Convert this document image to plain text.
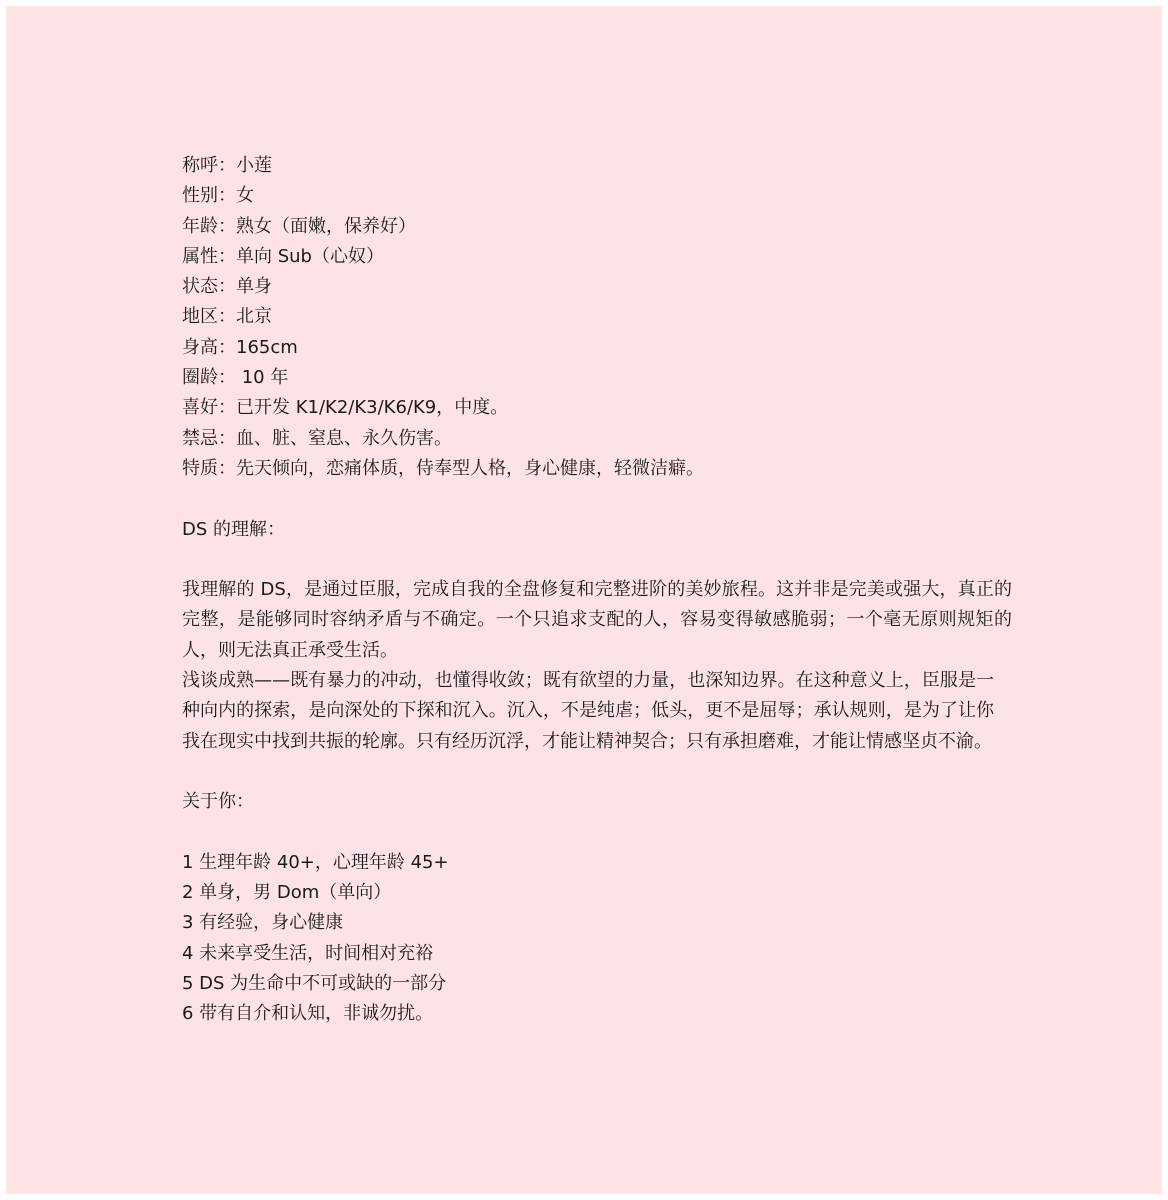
称呼：小莲
性别：女
年龄：熟女（面嫩，保养好）
属性：单向 Sub（心奴）
状态：单身
地区：北京
身高：165cm
圈龄： 10 年
喜好：已开发 K1/K2/K3/K6/K9，中度。
禁忌：血、脏、窒息、永久伤害。
特质：先天倾向，恋痛体质，侍奉型人格，身心健康，轻微洁癖。
DS 的理解：
我理解的 DS，是通过臣服，完成自我的全盘修复和完整进阶的美妙旅程。这并非是完美或强大，真正的完整，是能够同时容纳矛盾与不确定。一个只追求支配的人，容易变得敏感脆弱；一个毫无原则规矩的人，则无法真正承受生活。
浅谈成熟——既有暴力的冲动，也懂得收敛；既有欲望的力量，也深知边界。在这种意义上，臣服是一种向内的探索，是向深处的下探和沉入。沉入，不是纯虐；低头，更不是屈辱；承认规则，是为了让你我在现实中找到共振的轮廓。只有经历沉浮，才能让精神契合；只有承担磨难，才能让情感坚贞不渝。
关于你：
1 生理年龄 40+，心理年龄 45+
2 单身，男 Dom（单向）
3 有经验，身心健康
4 未来享受生活，时间相对充裕
5 DS 为生命中不可或缺的一部分
6 带有自介和认知，非诚勿扰。
